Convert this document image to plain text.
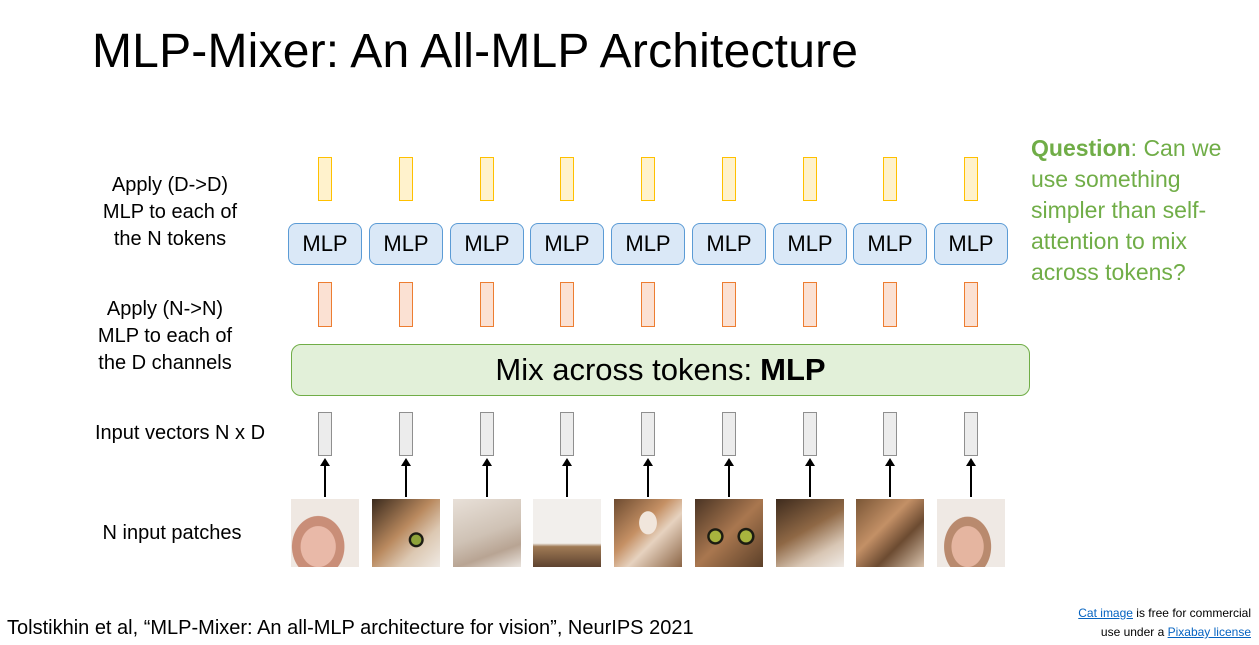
MLP-Mixer: An All-MLP Architecture
Apply (D->D)
MLP to each of
the N tokens
Apply (N->N)
MLP to each of
the D channels
Input vectors N x D
N input patches
Question: Can we use something simpler than self-attention to mix across tokens?
Mix across tokens: MLP
MLP MLP MLP MLP MLP MLP MLP MLP MLP
Tolstikhin et al, “MLP-Mixer: An all-MLP architecture for vision”, NeurIPS 2021
Cat image is free for commercial
use under a Pixabay license
